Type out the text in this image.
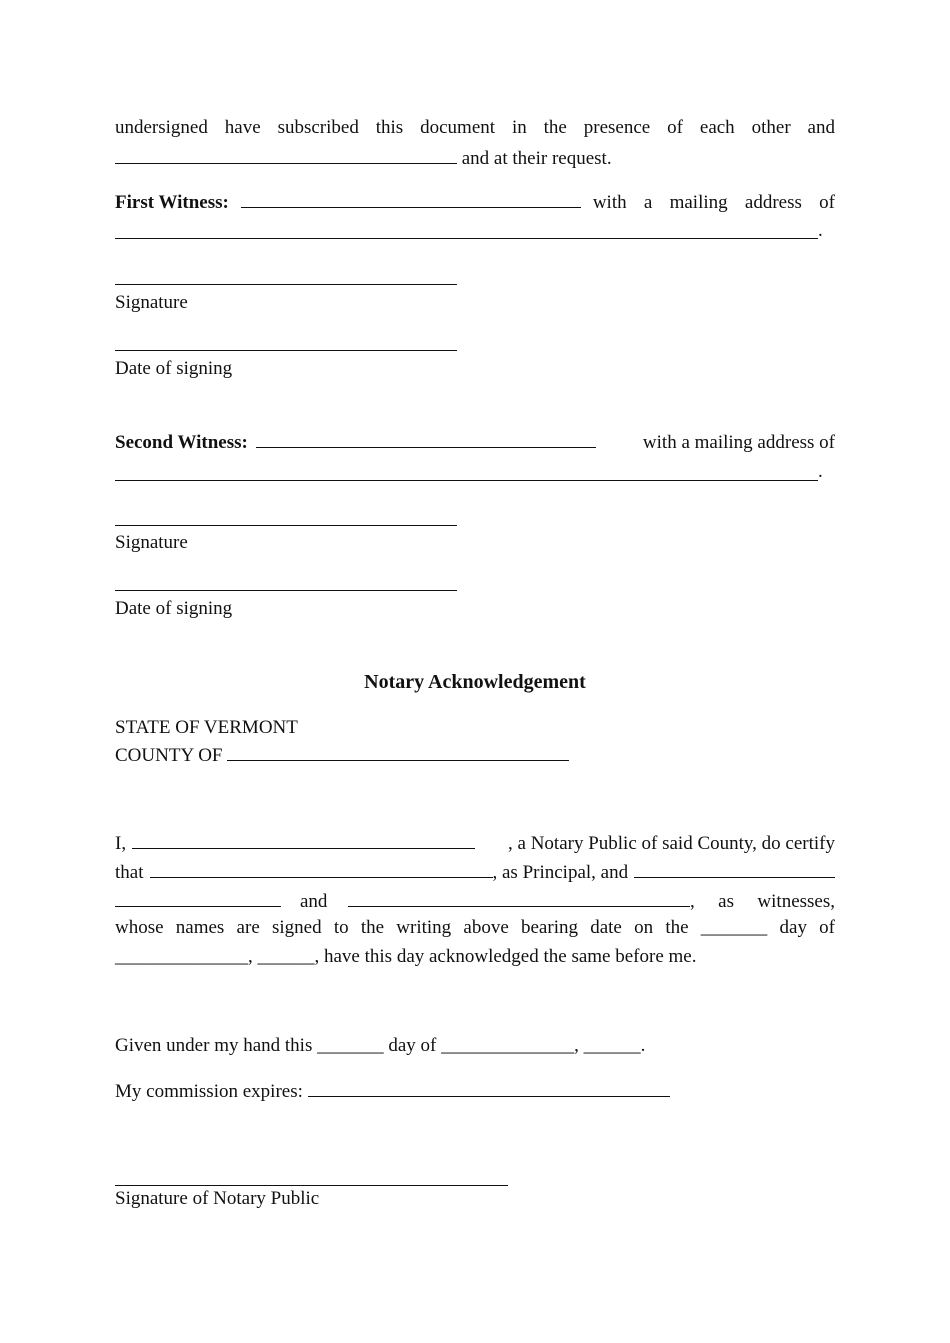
undersigned have subscribed this document in the presence of each other and
and at their request.
First Witness:	with a mailing address of
.
Signature
Date of signing
Second Witness:	with a mailing address of
.
Signature
Date of signing
Notary Acknowledgement
STATE OF VERMONT
COUNTY OF
I,	, a Notary Public of said County, do certify
that	, as Principal, and
and	, as witnesses,
whose names are signed to the writing above bearing date on the _______ day of
______________, ______, have this day acknowledged the same before me.
Given under my hand this _______ day of ______________, ______.
My commission expires:
Signature of Notary Public
